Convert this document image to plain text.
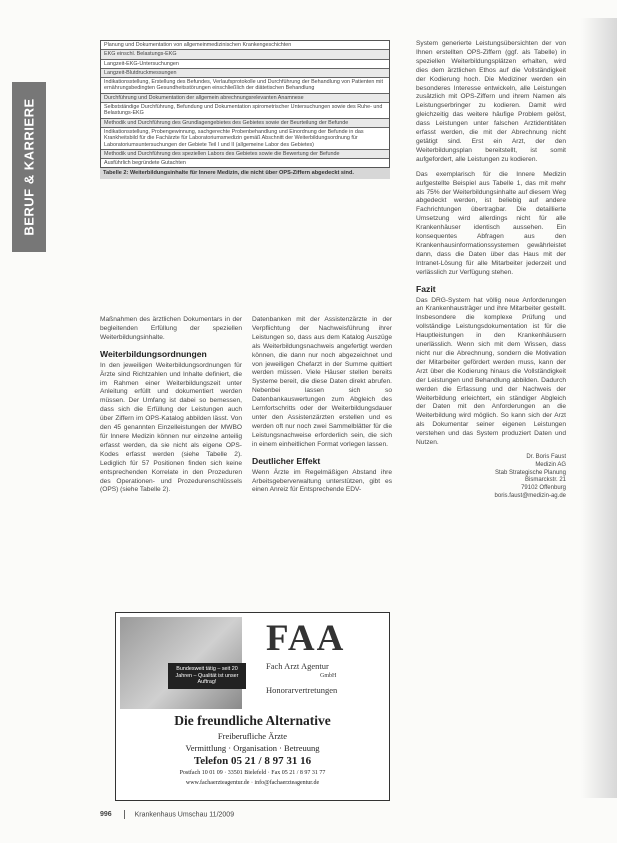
BERUF & KARRIERE
Planung und Dokumentation von allgemeinmedizinischen Krankengeschichten
EKG einschl. Belastungs-EKG
Langzeit-EKG-Untersuchungen
Langzeit-Blutdruckmessungen
Indikationsstellung, Erstellung des Befundes, Verlaufsprotokolle und Durchführung der Behandlung von Patienten mit ernährungsbedingten Gesundheitsstörungen einschließlich der diätetischen Behandlung
Durchführung und Dokumentation der allgemein abrechnungsrelevanten Anamnese
Selbstständige Durchführung, Befundung und Dokumentation spirometrischer Untersuchungen sowie des Ruhe- und Belastungs-EKG
Methodik und Durchführung des Grundlagengebietes des Gebietes sowie der Beurteilung der Befunde
Indikationsstellung, Probengewinnung, sachgerechte Probenbehandlung und Einordnung der Befunde in das Krankheitsbild für die Fachärzte für Laboratoriumsmedizin gemäß Abschnitt der Weiterbildungsordnung für Laboratoriumsuntersuchungen der Gebiete Teil I und II (allgemeine Labor des Gebietes)
Methodik und Durchführung des speziellen Labors des Gebietes sowie die Bewertung der Befunde
Ausführlich begründete Gutachten
Tabelle 2: Weiterbildungsinhalte für Innere Medizin, die nicht über OPS-Ziffern abgedeckt sind.

Maßnahmen des ärztlichen Dokumentars in der begleitenden Erfüllung der speziellen Weiterbildungsinhalte.

Weiterbildungsordnungen

In den jeweiligen Weiterbildungsordnungen für Ärzte sind Richtzahlen und Inhalte definiert, die im Rahmen einer Weiterbildungszeit unter Anleitung erfüllt und dokumentiert werden müssen. Der Umfang ist dabei so bemessen, dass sich die Erfüllung der Leistungen auch über Ziffern im OPS-Katalog abbilden lässt. Von den 45 genannten Einzelleistungen der MWBO für Innere Medizin können nur einzelne anteilig erfasst werden, da sie nicht als eigene OPS-Kodes erfasst werden (siehe Tabelle 2). Lediglich für 57 Positionen finden sich keine entsprechenden Korrelate in den Prozeduren des Operationen- und Prozedurenschlüssels (OPS) (siehe Tabelle 2).

Datenbanken mit der Assistenzärzte in der Verpflichtung der Nachweisführung ihrer Leistungen so, dass aus dem Katalog Auszüge als Weiterbildungsnachweis angefertigt werden können, die dann nur noch abgezeichnet und von jeweiligen Chefarzt in der Summe quittiert werden müssen. Viele Häuser stellen bereits Systeme bereit, die diese Daten direkt abrufen. Nebenbei lassen sich so Datenbankauswertungen zum Abgleich des Lernfortschritts oder der Weiterbildungsdauer unter den Assistenzärzten erstellen und es werden oft nur noch zwei Sammelblätter für die Leistungsnachweise erforderlich sein, die sich in einem einheitlichen Format vorlegen lassen.

Deutlicher Effekt

Wenn Ärzte im Regelmäßigen Abstand ihre Arbeitsgeberverwaltung unterstützen, gibt es einen Anreiz für Entsprechende EDV-

System generierte Leistungsübersichten der von Ihnen erstellten OPS-Ziffern (ggf. als Tabelle) in speziellen Weiterbildungsplätzen erhalten, wird dies dem ärztlichen Ethos auf die Vollständigkeit der Kodierung hoch. Die Mediziner werden ein besonderes Interesse entwickeln, alle Leistungen zusätzlich mit OPS-Ziffern und ihrem Namen als Leistungserbringer zu kodieren. Damit wird gleichzeitig das weitere häufige Problem gelöst, dass Leistungen unter falschen Arztidentitäten erfasst werden, die mit der Abrechnung nicht getätigt sind. Erst ein Arzt, der den Weiterbildungsplan bereitstellt, ist somit aufgefordert, alle Leistungen zu kodieren.

Das exemplarisch für die Innere Medizin aufgestellte Beispiel aus Tabelle 1, das mit mehr als 75% der Weiterbildungsinhalte auf diesem Weg abgedeckt werden, ist beliebig auf andere Fachrichtungen übertragbar. Die detaillierte Umsetzung wird allerdings nicht für alle Krankenhäuser identisch aussehen. Ein konsequentes Abfragen aus den Krankenhausinformationssystemen gewährleistet dann, dass die Daten über das Haus mit der Intranet-Lösung für alle Mitarbeiter jederzeit und verlässlich zur Verfügung stehen.

Fazit

Das DRG-System hat völlig neue Anforderungen an Krankenhausträger und ihre Mitarbeiter gestellt. Insbesondere die komplexe Prüfung und vollständige Leistungsdokumentation ist für die Hauptleistungen in den Krankenhäusern unerlässlich. Wenn sich mit dem Wissen, dass nicht nur die Abrechnung, sondern die Motivation der Mitarbeiter gefördert werden muss, kann der Arzt über die Kodierung hinaus die Vollständigkeit der Leistungen und Behandlung abbilden. Dadurch werden die Erfassung und der Nachweis der Weiterbildung erleichtert, ein ständiger Abgleich der Daten mit den Anforderungen an die Weiterbildung wird möglich. So kann sich der Arzt als Dokumentar seiner eigenen Leistungen verstehen und das System produziert Daten und Nutzen.

Dr. Boris Faust
Medizin AG
Stab Strategische Planung
Bismarckstr. 21
79102 Offenburg
boris.faust@medizin-ag.de
Bundesweit tätig – seit 20 Jahren – Qualität ist unser Auftrag!
FAA
Fach Arzt Agentur
GmbH
Honorarvertretungen
Die freundliche Alternative
Freiberufliche Ärzte
Vermittlung · Organisation · Betreuung
Telefon 05 21 / 8 97 31 16
Postfach 10 01 09 · 33501 Bielefeld · Fax 05 21 / 8 97 31 77
www.fachaerzteagentur.de · info@fachaerzteagentur.de
996	Krankenhaus Umschau 11/2009
